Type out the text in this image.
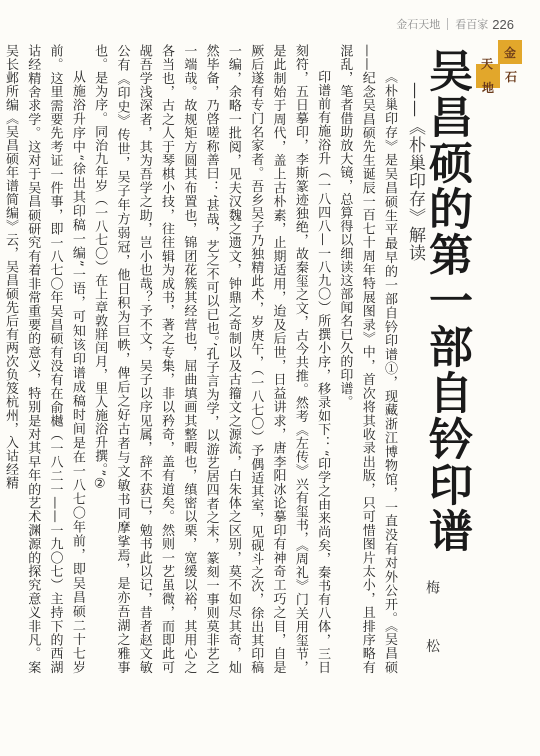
金石天地 看百家 226
金
天
石
地
吴昌硕的第一部自钤印谱
——《朴巢印存》解读

《朴巢印存》是吴昌硕生平最早的一部自钤印谱①，现藏浙江博物馆，一直没有对外公开。《吴昌硕——纪念吴昌硕先生诞辰一百七十周年特展图录》中，首次将其收录出版，只可惜图片太小，且排序略有混乱，笔者借助放大镜，总算得以细读这部闻名已久的印谱。

印谱前有施浴升（一八四八—一八九〇）所撰小序，移录如下：“印学之由来尚矣，秦书有八体，三日刻符，五日摹印，李斯篆迹独绝，故秦玺之文，古今共推。然考《左传》兴有玺书，《周礼》门关用玺节，是此制始于周代，盖上古朴素，止期适用，迨及后世，日益讲求，唐李阳冰论摹印有神奇工巧之目，自是厥后遂有专门名家者。吾乡吴子乃独精此术，岁庚午，（一八七〇）予偶适其室，见砚斗之次，徐出其印稿一编，余略一批阅，见夫汉魏之遗文，钟鼎之奇制以及古籀文之源流，白朱体之区别，莫不如尽其奇，灿然毕备，乃啓嗟称善曰：‘甚哉，艺之不可以已也。’孔子言为学，以游艺居四者之末，篆刻一事则莫非艺之一端哉。故规矩方圆其布置也，锦团花簇其经营也，屈曲填画其整暇也，缜密以栗，宽缓以裕，其用心之各当也，古之人于琴棋小技，往往辑为成书，著之专集，非以矜奇，盖有道矣。然则一艺虽微，而即此可觇吾学浅深者，其为吾学之助，岂小也哉？予不文，吴子以序见属，辞不获已，勉书此以记，昔者赵文敏公有《印史》传世，吴子年方弱冠，他日积为巨帙，俾后之好古者与文敏书同摩挲焉，是亦吾湖之雅事也。是为序。同治九年岁（一八七〇）在上章敦牂闰月，里人施浴升撰。”②

从施浴升序中“徐出其印稿一编”一语，可知该印谱成稿时间是在一八七〇年前，即吴昌硕二十七岁前。这里需要先考证一件事，即一八七〇年吴昌硕有没有在俞樾（一八二一——一九〇七）主持下的西湖诂经精舍求学。这对于吴昌硕研究有着非常重要的意义，特别是对其早年的艺术渊源的探究意义非凡。案吴长邺所编《吴昌硕年谱简编》云，吴昌硕先后有两次负笈杭州，入诂经精

梅 松
